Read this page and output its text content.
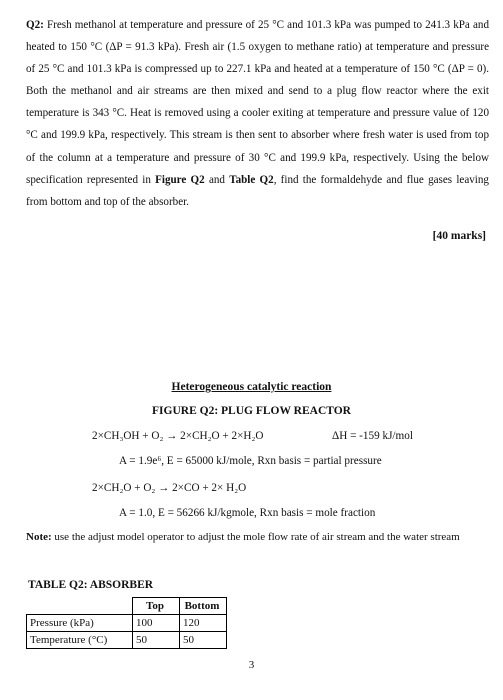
Q2: Fresh methanol at temperature and pressure of 25 °C and 101.3 kPa was pumped to 241.3 kPa and heated to 150 °C (ΔP = 91.3 kPa). Fresh air (1.5 oxygen to methane ratio) at temperature and pressure of 25 °C and 101.3 kPa is compressed up to 227.1 kPa and heated at a temperature of 150 °C (ΔP = 0). Both the methanol and air streams are then mixed and send to a plug flow reactor where the exit temperature is 343 °C. Heat is removed using a cooler exiting at temperature and pressure value of 120 °C and 199.9 kPa, respectively. This stream is then sent to absorber where fresh water is used from top of the column at a temperature and pressure of 30 °C and 199.9 kPa, respectively. Using the below specification represented in Figure Q2 and Table Q2, find the formaldehyde and flue gases leaving from bottom and top of the absorber.

[40 marks]
Heterogeneous catalytic reaction
FIGURE Q2: PLUG FLOW REACTOR
2×CH₃OH + O₂ → 2×CH₂O + 2×H₂O	ΔH = -159 kJ/mol
A = 1.9e⁶, E = 65000 kJ/mole, Rxn basis = partial pressure
2×CH₂O + O₂ → 2×CO + 2× H₂O
A = 1.0, E = 56266 kJ/kgmole, Rxn basis = mole fraction
Note: use the adjust model operator to adjust the mole flow rate of air stream and the water stream
TABLE Q2: ABSORBER
	Top	Bottom
Pressure (kPa)	100	120
Temperature (°C)	50	50
3
